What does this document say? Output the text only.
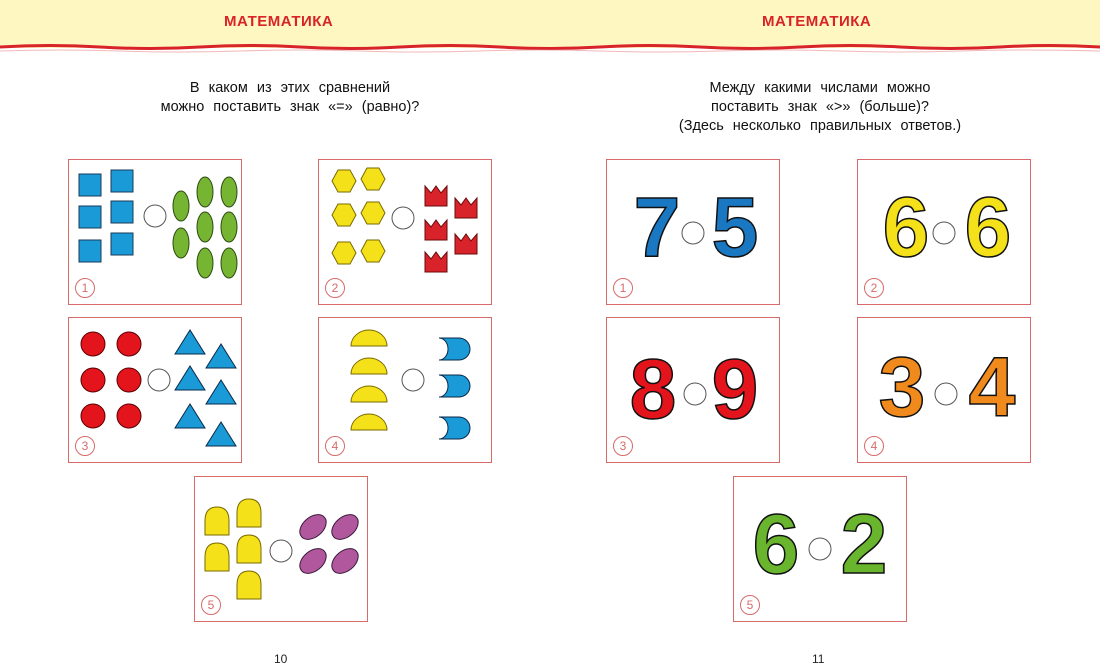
МАТЕМАТИКА	МАТЕМАТИКА
В каком из этих сравнений
можно поставить знак «=» (равно)?
Между какими числами можно
поставить знак «>» (больше)?
(Здесь несколько правильных ответов.)
1	2
3	4
5
10
7 5
1
6 6
2
8 9
3
3 4
4
6 2
5
11
